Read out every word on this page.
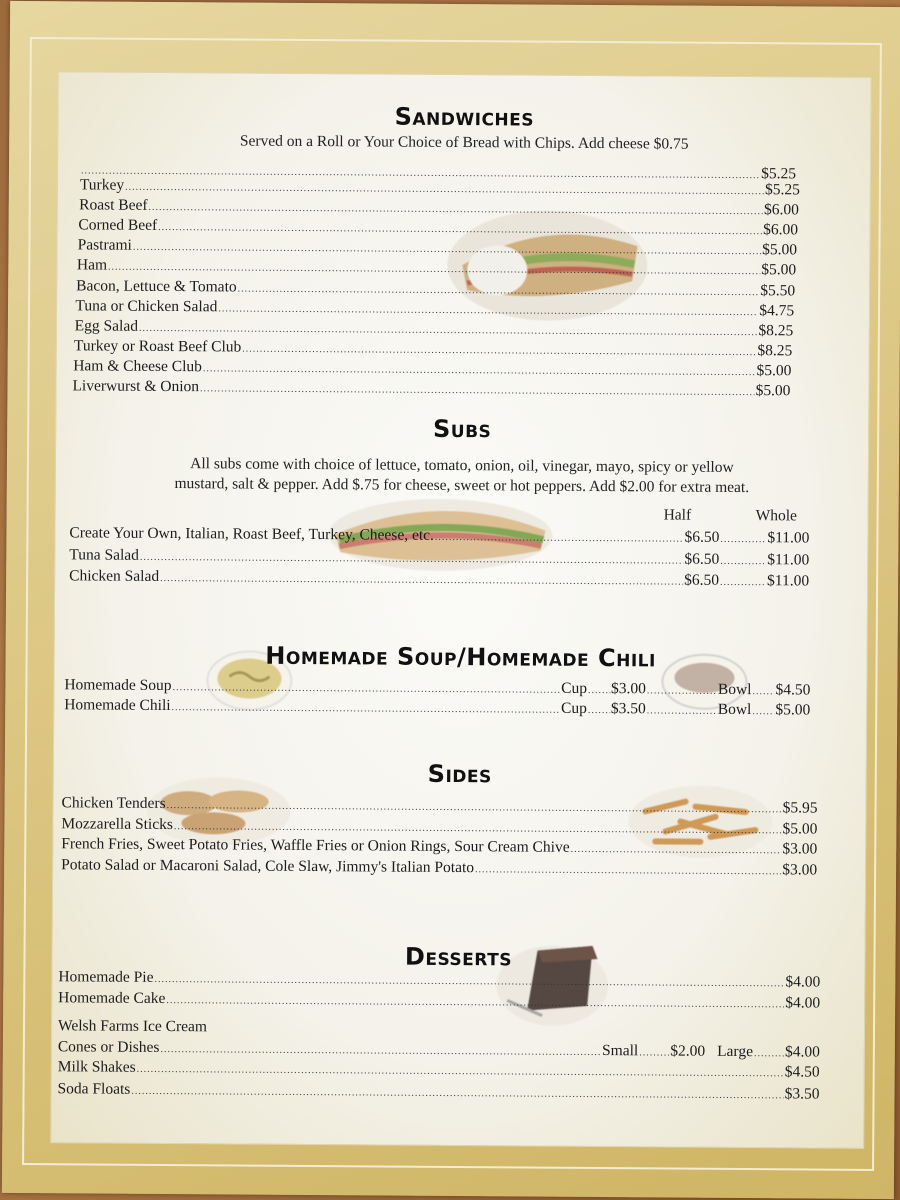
Sandwiches
Served on a Roll or Your Choice of Bread with Chips. Add cheese $0.75
.....
$5.25
Turkey .....	$5.25
Roast Beef .....	$6.00
Corned Beef .....	$6.00
Pastrami .....	$5.00
Ham .....	$5.00
Bacon, Lettuce & Tomato .....	$5.50
Tuna or Chicken Salad .....	$4.75
Egg Salad .....	$8.25
Turkey or Roast Beef Club .....	$8.25
Ham & Cheese Club .....	$5.00
Liverwurst & Onion .....	$5.00
Subs
All subs come with choice of lettuce, tomato, onion, oil, vinegar, mayo, spicy or yellow
mustard, salt & pepper. Add $.75 for cheese, sweet or hot peppers. Add $2.00 for extra meat.
Half	Whole
Create Your Own, Italian, Roast Beef, Turkey, Cheese, etc. .....	$6.50 .....	$11.00
Tuna Salad .....	$6.50 .....	$11.00
Chicken Salad .....	$6.50 .....	$11.00
Homemade Soup/Homemade Chili
Homemade Soup .....	Cup ..... $3.00 .....	Bowl ..... $4.50
Homemade Chili .....	Cup ..... $3.50 .....	Bowl ..... $5.00
Sides
Chicken Tenders .....	$5.95
Mozzarella Sticks .....	$5.00
French Fries, Sweet Potato Fries, Waffle Fries or Onion Rings, Sour Cream Chive .....	$3.00
Potato Salad or Macaroni Salad, Cole Slaw, Jimmy's Italian Potato .....	$3.00
Desserts
Homemade Pie .....	$4.00
Homemade Cake .....	$4.00
Welsh Farms Ice Cream
Milk Shakes .....	$4.50
Soda Floats .....	$3.50
Cones or Dishes .....	Small ..... $2.00 Large ..... $4.00
